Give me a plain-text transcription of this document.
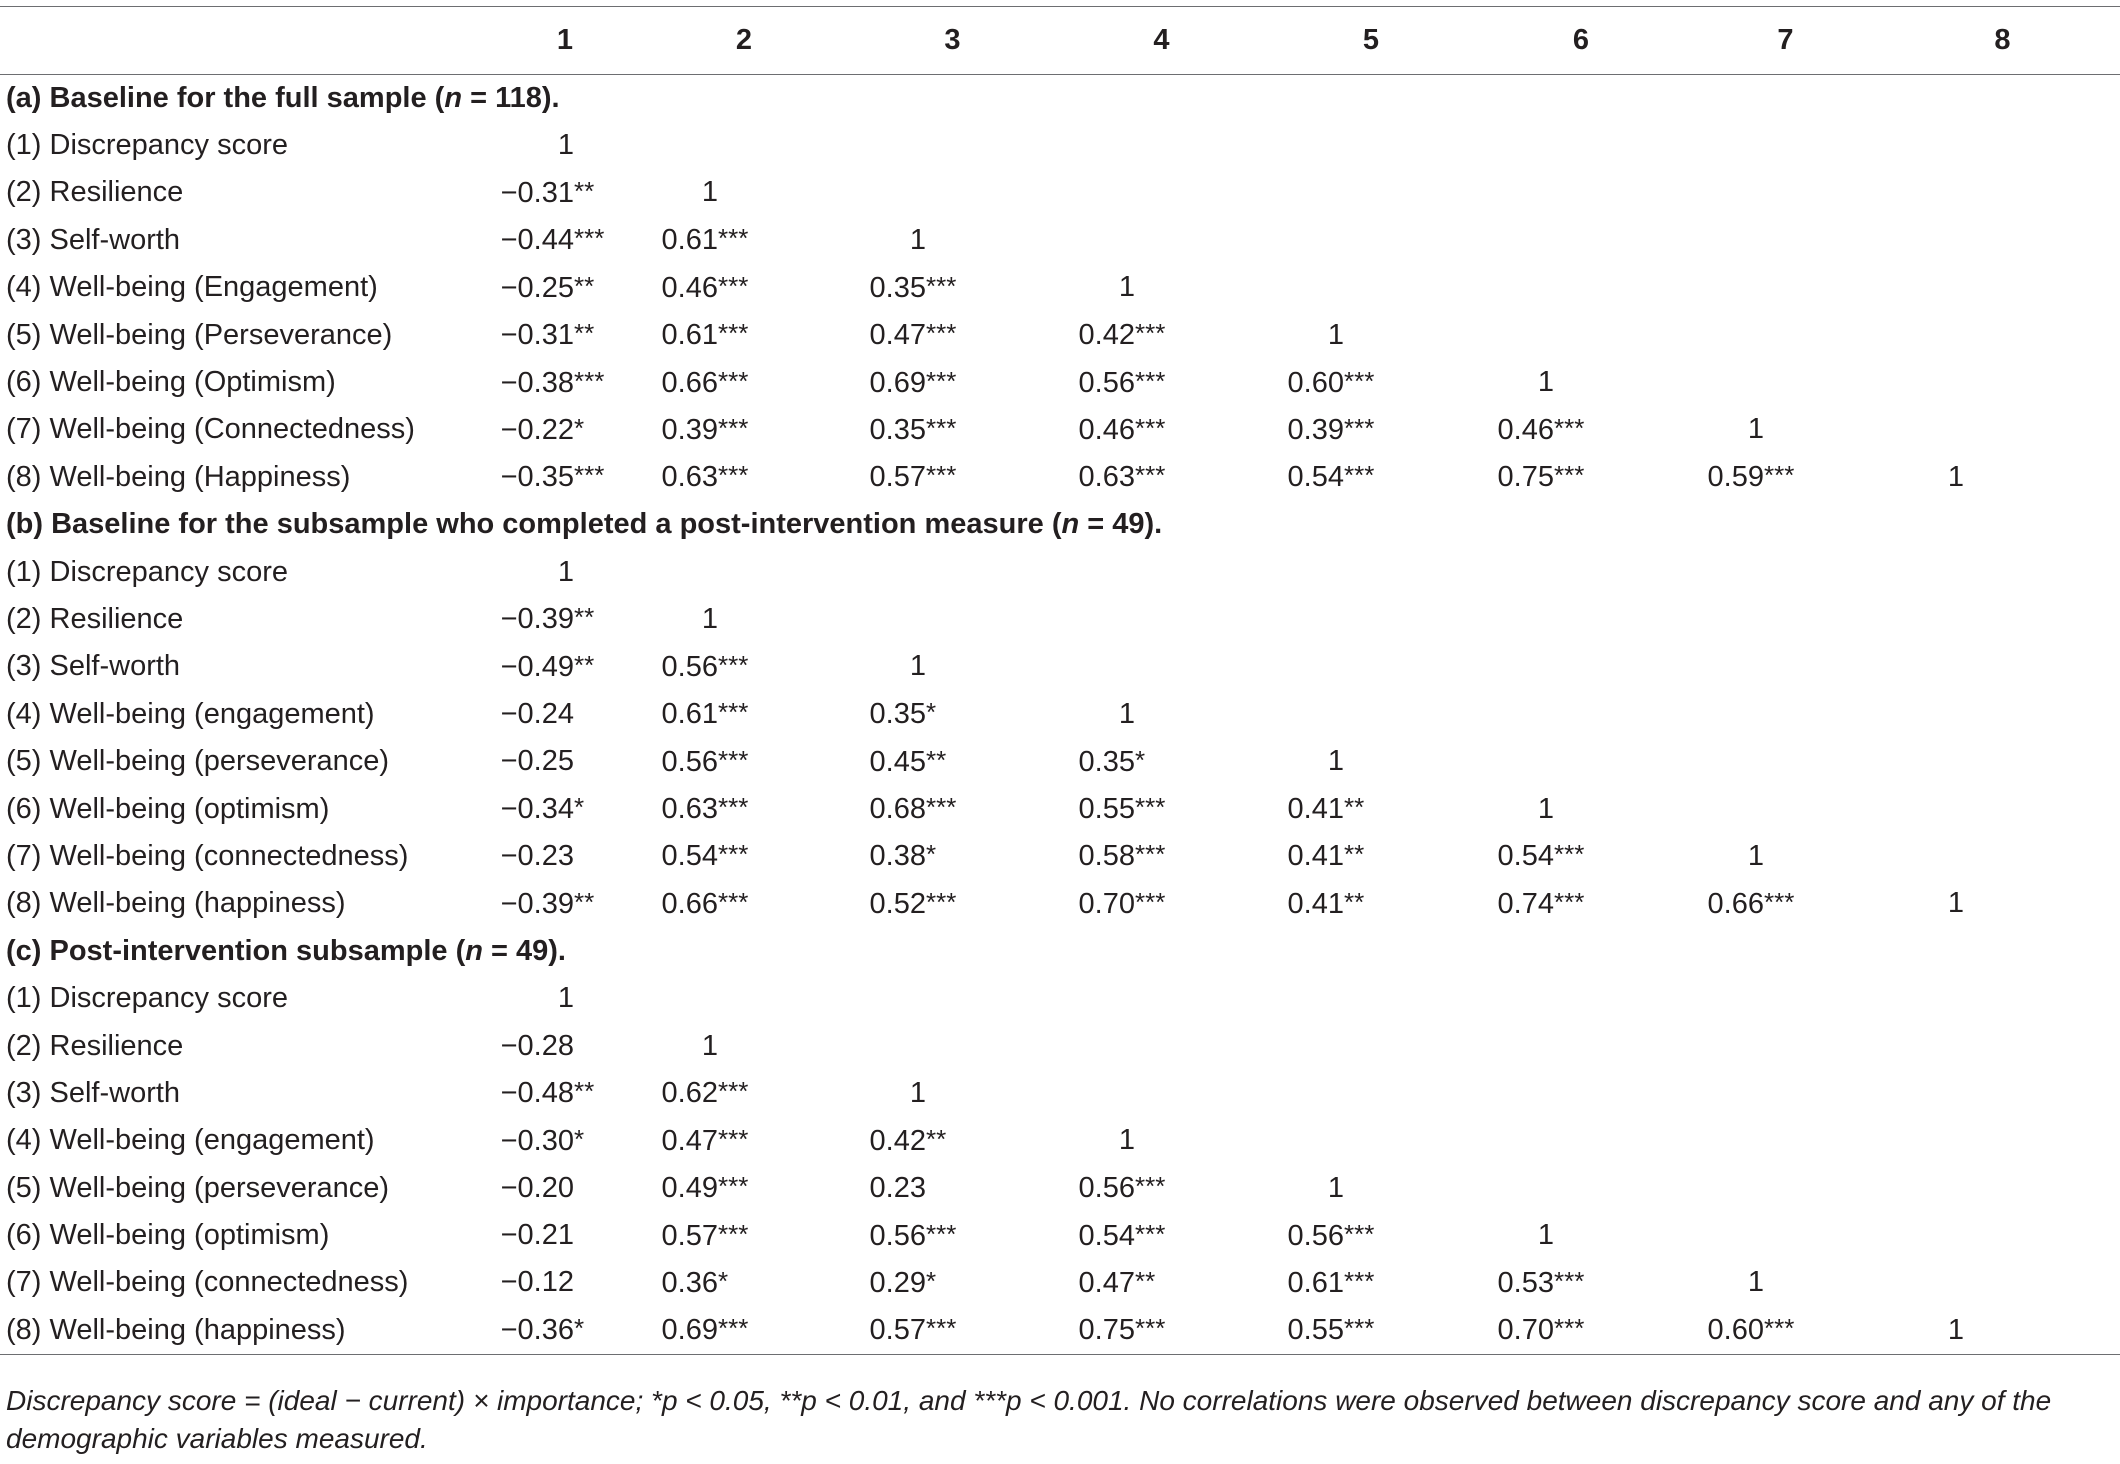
	1	2	3	4	5	6	7	8
(a) Baseline for the full sample (n = 118).								
(1) Discrepancy score	1							
(2) Resilience	−0.31**	1						
(3) Self-worth	−0.44***	0.61***	1					
(4) Well-being (Engagement)	−0.25**	0.46***	0.35***	1				
(5) Well-being (Perseverance)	−0.31**	0.61***	0.47***	0.42***	1			
(6) Well-being (Optimism)	−0.38***	0.66***	0.69***	0.56***	0.60***	1		
(7) Well-being (Connectedness)	−0.22*	0.39***	0.35***	0.46***	0.39***	0.46***	1	
(8) Well-being (Happiness)	−0.35***	0.63***	0.57***	0.63***	0.54***	0.75***	0.59***	1
(b) Baseline for the subsample who completed a post-intervention measure (n = 49).								
(1) Discrepancy score	1							
(2) Resilience	−0.39**	1						
(3) Self-worth	−0.49**	0.56***	1					
(4) Well-being (engagement)	−0.24	0.61***	0.35*	1				
(5) Well-being (perseverance)	−0.25	0.56***	0.45**	0.35*	1			
(6) Well-being (optimism)	−0.34*	0.63***	0.68***	0.55***	0.41**	1		
(7) Well-being (connectedness)	−0.23	0.54***	0.38*	0.58***	0.41**	0.54***	1	
(8) Well-being (happiness)	−0.39**	0.66***	0.52***	0.70***	0.41**	0.74***	0.66***	1
(c) Post-intervention subsample (n = 49).								
(1) Discrepancy score	1							
(2) Resilience	−0.28	1						
(3) Self-worth	−0.48**	0.62***	1					
(4) Well-being (engagement)	−0.30*	0.47***	0.42**	1				
(5) Well-being (perseverance)	−0.20	0.49***	0.23	0.56***	1			
(6) Well-being (optimism)	−0.21	0.57***	0.56***	0.54***	0.56***	1		
(7) Well-being (connectedness)	−0.12	0.36*	0.29*	0.47**	0.61***	0.53***	1	
(8) Well-being (happiness)	−0.36*	0.69***	0.57***	0.75***	0.55***	0.70***	0.60***	1
Discrepancy score = (ideal − current) × importance; *p < 0.05, **p < 0.01, and ***p < 0.001. No correlations were observed between discrepancy score and any of the demographic variables measured.
